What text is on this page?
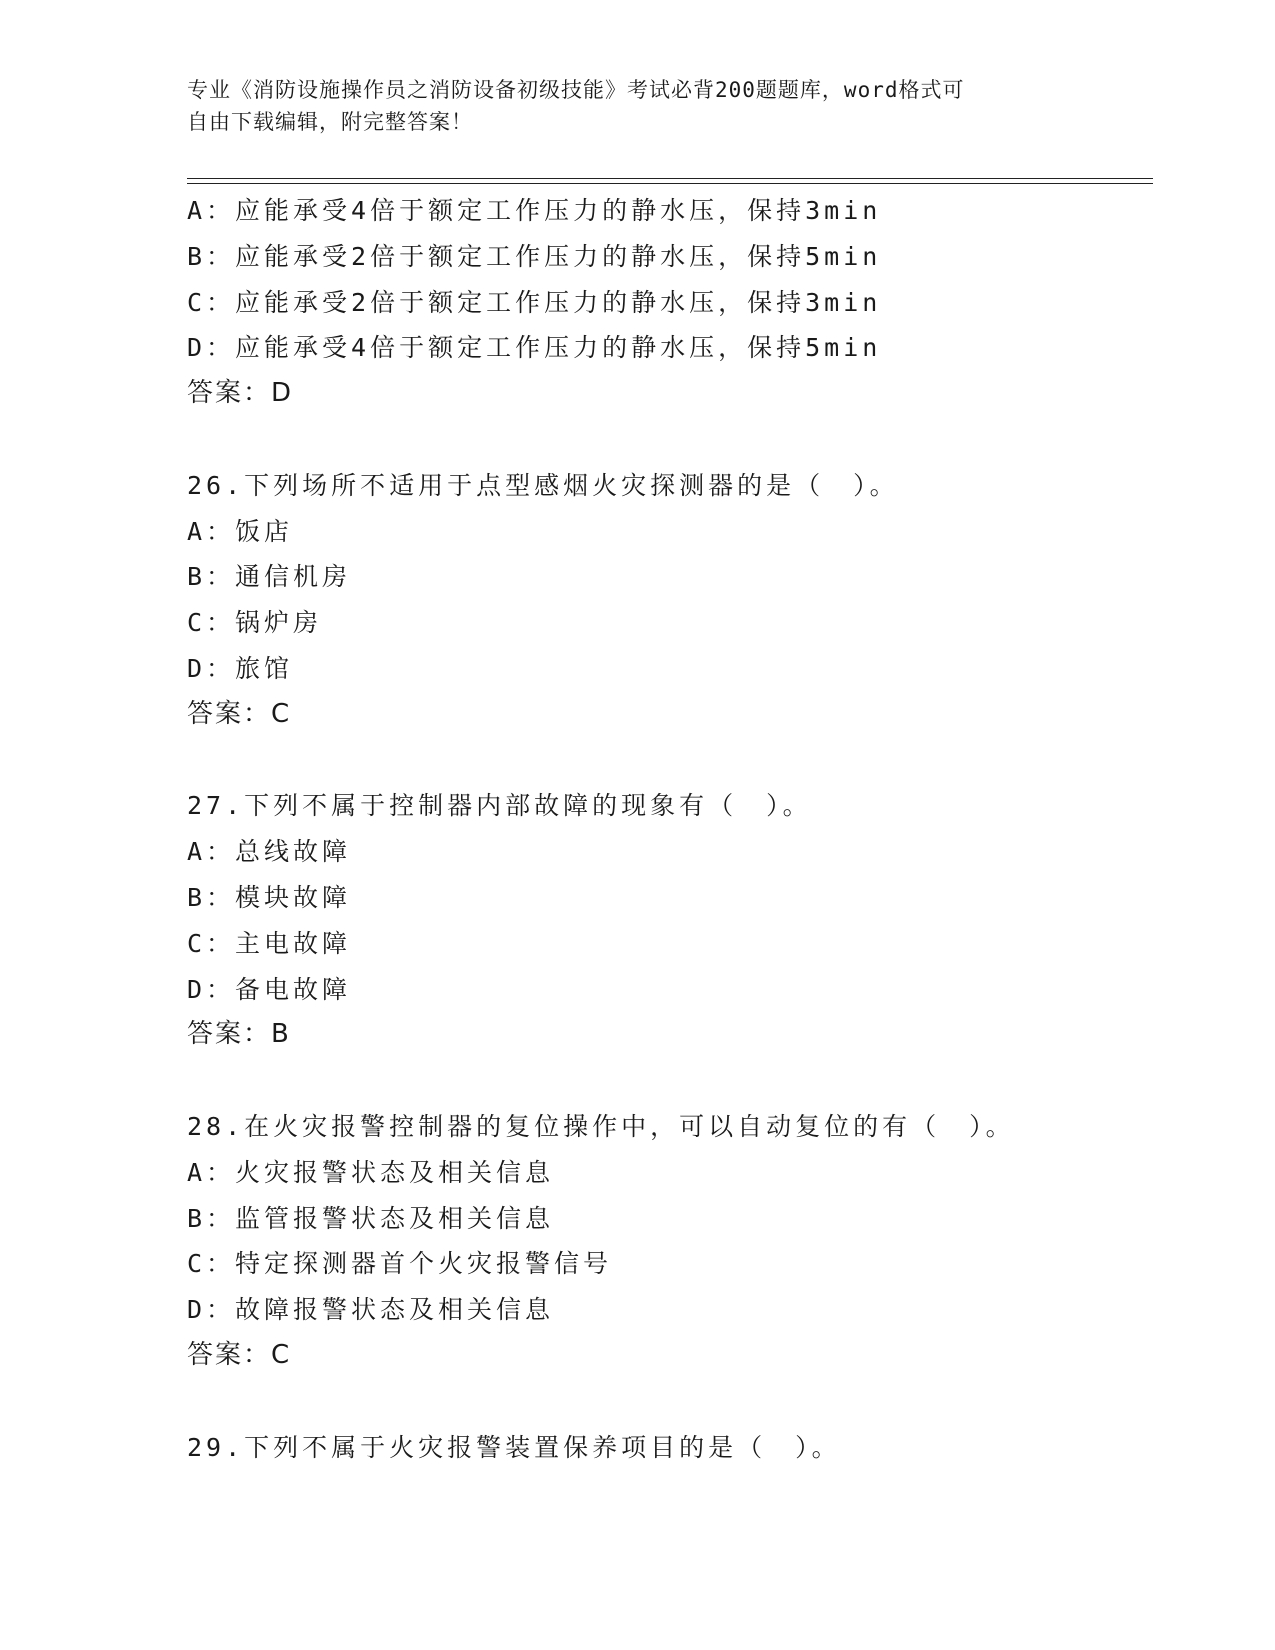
专业《消防设施操作员之消防设备初级技能》考试必背200题题库，word格式可
自由下载编辑，附完整答案！
A：应能承受4倍于额定工作压力的静水压，保持3min
B：应能承受2倍于额定工作压力的静水压，保持5min
C：应能承受2倍于额定工作压力的静水压，保持3min
D：应能承受4倍于额定工作压力的静水压，保持5min
答案：D
26.下列场所不适用于点型感烟火灾探测器的是（　）。
A：饭店
B：通信机房
C：锅炉房
D：旅馆
答案：C
27.下列不属于控制器内部故障的现象有（　）。
A：总线故障
B：模块故障
C：主电故障
D：备电故障
答案：B
28.在火灾报警控制器的复位操作中，可以自动复位的有（　）。
A：火灾报警状态及相关信息
B：监管报警状态及相关信息
C：特定探测器首个火灾报警信号
D：故障报警状态及相关信息
答案：C
29.下列不属于火灾报警装置保养项目的是（　）。
